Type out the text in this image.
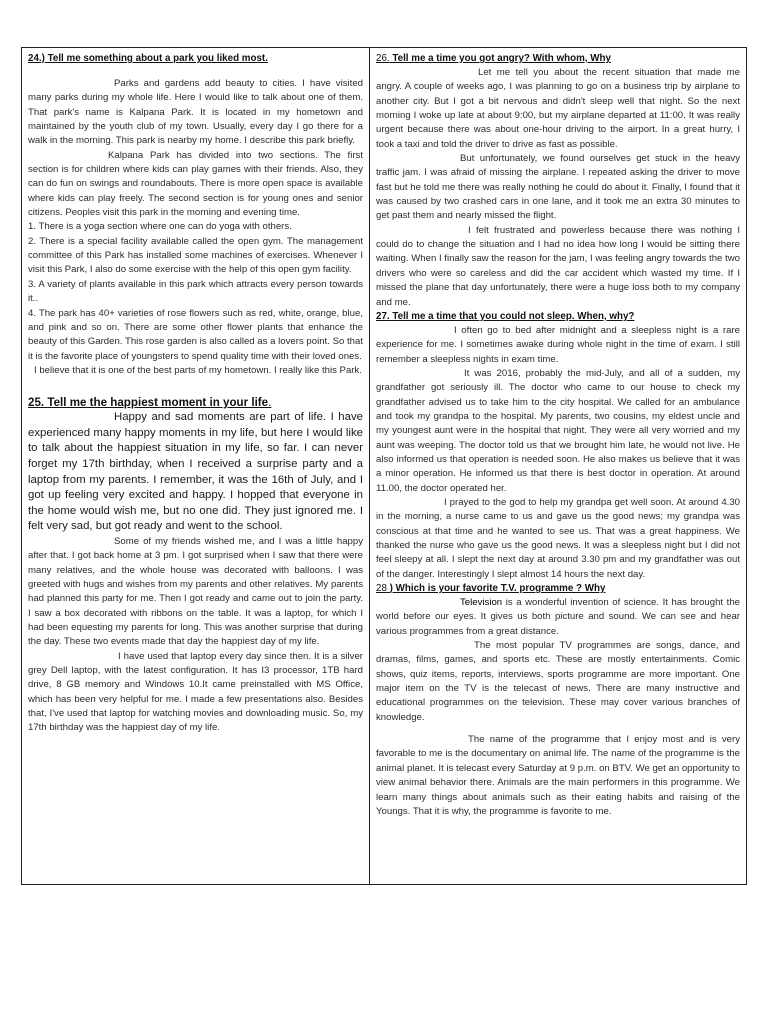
24.) Tell me something about a park you liked most.

Parks and gardens add beauty to cities. I have visited many parks during my whole life. Here I would like to talk about one of them. That park's name is Kalpana Park. It is located in my hometown and maintained by the youth club of my town. Usually, every day I go there for a walk in the morning. This park is nearby my home. I describe this park briefly.

Kalpana Park has divided into two sections. The first section is for children where kids can play games with their friends. Also, they can do fun on swings and roundabouts. There is more open space is available where kids can play freely. The second section is for young ones and senior citizens. Peoples visit this park in the morning and evening time.

1. There is a yoga section where one can do yoga with others.

2. There is a special facility available called the open gym. The management committee of this Park has installed some machines of exercises. Whenever I visit this Park, I also do some exercise with the help of this open gym facility.

3. A variety of plants available in this park which attracts every person towards it..

4. The park has 40+ varieties of rose flowers such as red, white, orange, blue, and pink and so on. There are some other flower plants that enhance the beauty of this Garden. This rose garden is also called as a lovers point. So that it is the favorite place of youngsters to spend quality time with their loved ones.

I believe that it is one of the best parts of my hometown. I really like this Park.

25. Tell me the happiest moment in your life.

Happy and sad moments are part of life. I have experienced many happy moments in my life, but here I would like to talk about the happiest situation in my life, so far. I can never forget my 17th birthday, when I received a surprise party and a laptop from my parents. I remember, it was the 16th of July, and I got up feeling very excited and happy. I hopped that everyone in the home would wish me, but no one did. They just ignored me. I felt very sad, but got ready and went to the school.

Some of my friends wished me, and I was a little happy after that. I got back home at 3 pm. I got surprised when I saw that there were many relatives, and the whole house was decorated with balloons. I was greeted with hugs and wishes from my parents and other relatives. My parents had planned this party for me. Then I got ready and came out to join the party. I saw a box decorated with ribbons on the table. It was a laptop, for which I had been equesting my parents for long. This was another surprise that during the day. These two events made that day the happiest day of my life.

I have used that laptop every day since then. It is a silver grey Dell laptop, with the latest configuration. It has I3 processor, 1TB hard drive, 8 GB memory and Windows 10.It came preinstalled with MS Office, which has been very helpful for me. I made a few presentations also. Besides that, I've used that laptop for watching movies and downloading music. So, my 17th birthday was the happiest day of my life.

26. Tell me a time you got angry? With whom, Why

Let me tell you about the recent situation that made me angry. A couple of weeks ago, I was planning to go on a business trip by airplane to another city. But I got a bit nervous and didn't sleep well that night. So the next morning I woke up late at about 9:00, but my airplane departed at 11:00. It was really urgent because there was about one-hour driving to the airport. In a great hurry, I took a taxi and told the driver to drive as fast as possible.

But unfortunately, we found ourselves get stuck in the heavy traffic jam. I was afraid of missing the airplane. I repeated asking the driver to move fast but he told me there was really nothing he could do about it. Finally, I found that it was caused by two crashed cars in one lane, and it took me an extra 30 minutes to get past them and nearly missed the flight.

I felt frustrated and powerless because there was nothing I could do to change the situation and I had no idea how long I would be sitting there waiting. When I finally saw the reason for the jam, I was feeling angry towards the two drivers who were so careless and did the car accident which wasted my time. If I missed the plane that day unfortunately, there were a huge loss both to my company and me.

27. Tell me a time that you could not sleep. When, why?

I often go to bed after midnight and a sleepless night is a rare experience for me. I sometimes awake during whole night in the time of exam. I still remember a sleepless nights in exam time.

It was 2016, probably the mid-July, and all of a sudden, my grandfather got seriously ill. The doctor who came to our house to check my grandfather advised us to take him to the city hospital. We called for an ambulance and took my grandpa to the hospital. My parents, two cousins, my eldest uncle and my youngest aunt were in the hospital that night. They were all very worried and my aunt was weeping. The doctor told us that we brought him late, he would not live. He also informed us that operation is needed soon. He also makes us believe that it was a minor operation. He informed us that there is best doctor in operation. At around 11.00, the doctor operated her.

I prayed to the god to help my grandpa get well soon. At around 4.30 in the morning, a nurse came to us and gave us the good news; my grandpa was conscious at that time and he wanted to see us. That was a great happiness. We thanked the nurse who gave us the good news. It was a sleepless night but I did not feel sleepy at all. I slept the next day at around 3.30 pm and my grandfather was out of the danger. Interestingly I slept almost 14 hours the next day.

28 ) Which is your favorite T.V. programme ? Why

Television is a wonderful invention of science. It has brought the world before our eyes. It gives us both picture and sound. We can see and hear various programmes from a great distance.

The most popular TV programmes are songs, dance, and dramas, films, games, and sports etc. These are mostly entertainments. Comic shows, quiz items, reports, interviews, sports programme are more important. One major item on the TV is the telecast of news. There are many instructive and educational programmes on the television. These may cover various branches of knowledge.

The name of the programme that I enjoy most and is very favorable to me is the documentary on animal life. The name of the programme is the animal planet. It is telecast every Saturday at 9 p.m. on BTV. We get an opportunity to view animal behavior there. Animals are the main performers in this programme. We learn many things about animals such as their eating habits and raising of the Youngs. That it is why, the programme is favorite to me.
